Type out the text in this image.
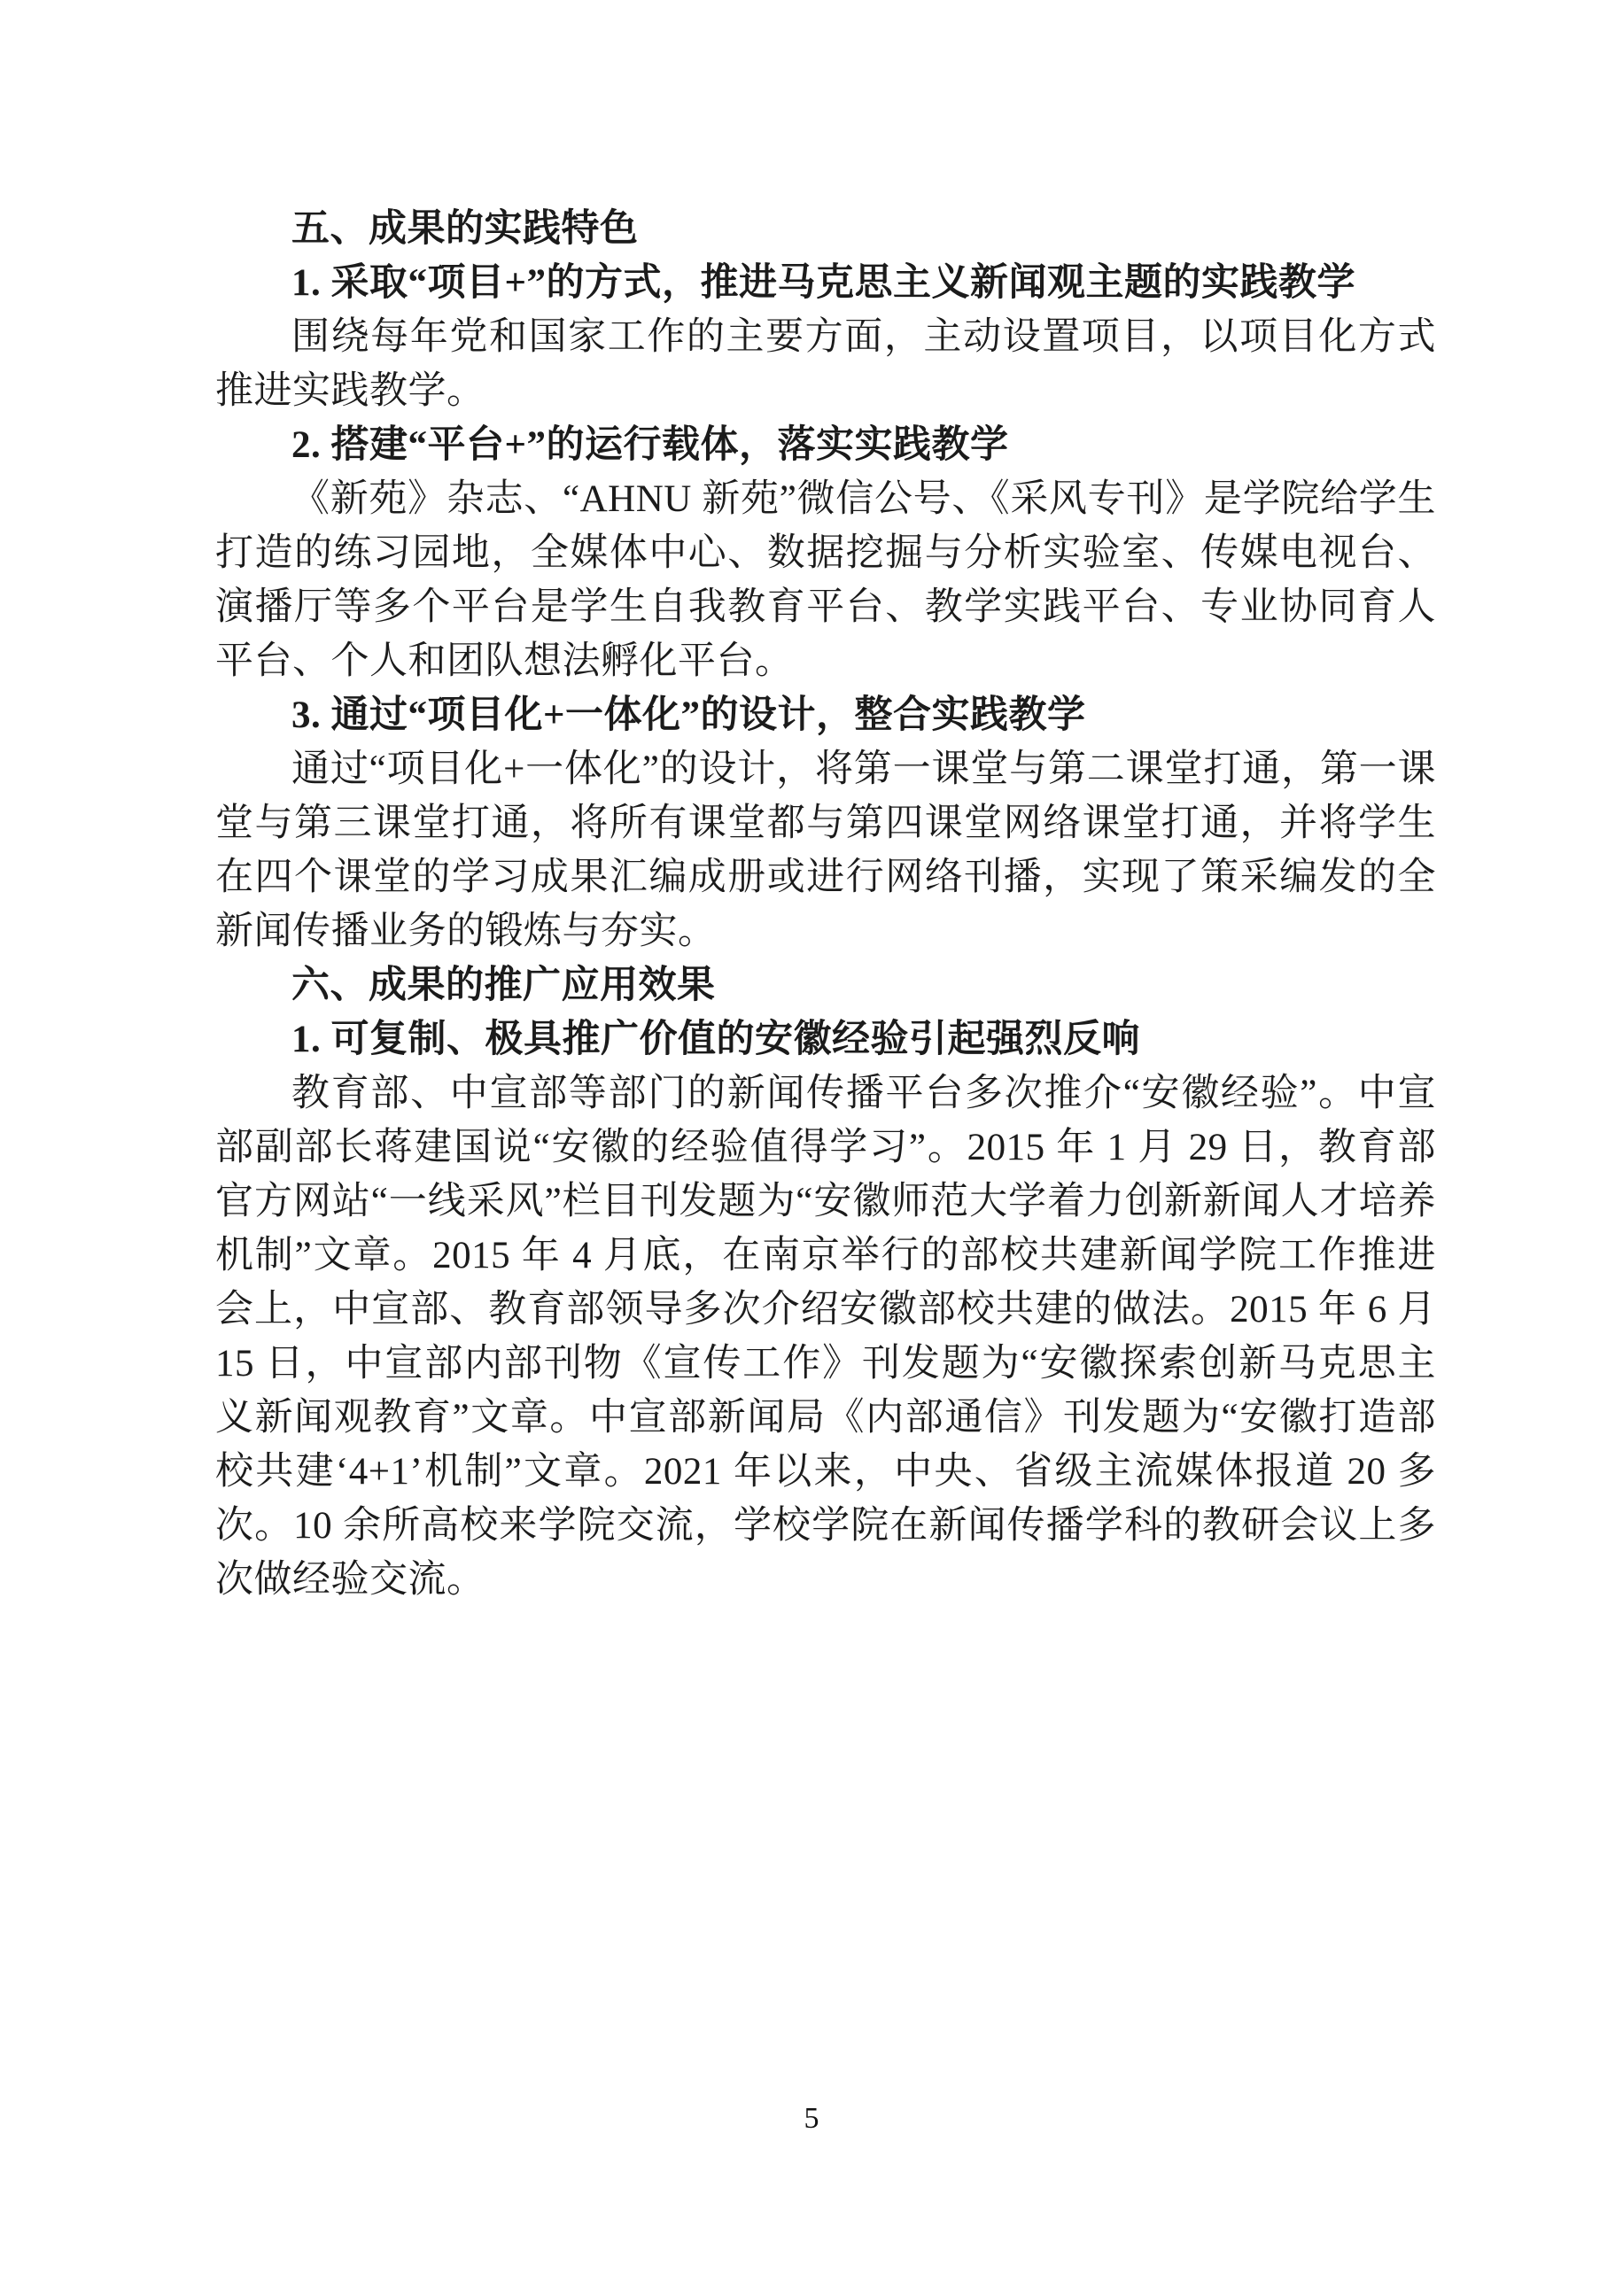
五、成果的实践特色

1. 采取“项目+”的方式，推进马克思主义新闻观主题的实践教学

围绕每年党和国家工作的主要方面，主动设置项目，以项目化方式推进实践教学。

2. 搭建“平台+”的运行载体，落实实践教学

《新苑》杂志、“AHNU 新苑”微信公号、《采风专刊》是学院给学生打造的练习园地，全媒体中心、数据挖掘与分析实验室、传媒电视台、演播厅等多个平台是学生自我教育平台、教学实践平台、专业协同育人平台、个人和团队想法孵化平台。

3. 通过“项目化+一体化”的设计，整合实践教学

通过“项目化+一体化”的设计，将第一课堂与第二课堂打通，第一课堂与第三课堂打通，将所有课堂都与第四课堂网络课堂打通，并将学生在四个课堂的学习成果汇编成册或进行网络刊播，实现了策采编发的全新闻传播业务的锻炼与夯实。

六、成果的推广应用效果

1. 可复制、极具推广价值的安徽经验引起强烈反响

教育部、中宣部等部门的新闻传播平台多次推介“安徽经验”。中宣部副部长蒋建国说“安徽的经验值得学习”。2015 年 1 月 29 日，教育部官方网站“一线采风”栏目刊发题为“安徽师范大学着力创新新闻人才培养机制”文章。2015 年 4 月底，在南京举行的部校共建新闻学院工作推进会上，中宣部、教育部领导多次介绍安徽部校共建的做法。2015 年 6 月 15 日，中宣部内部刊物《宣传工作》刊发题为“安徽探索创新马克思主义新闻观教育”文章。中宣部新闻局《内部通信》刊发题为“安徽打造部校共建‘4+1’机制”文章。2021 年以来，中央、省级主流媒体报道 20 多次。10 余所高校来学院交流，学校学院在新闻传播学科的教研会议上多次做经验交流。

5
